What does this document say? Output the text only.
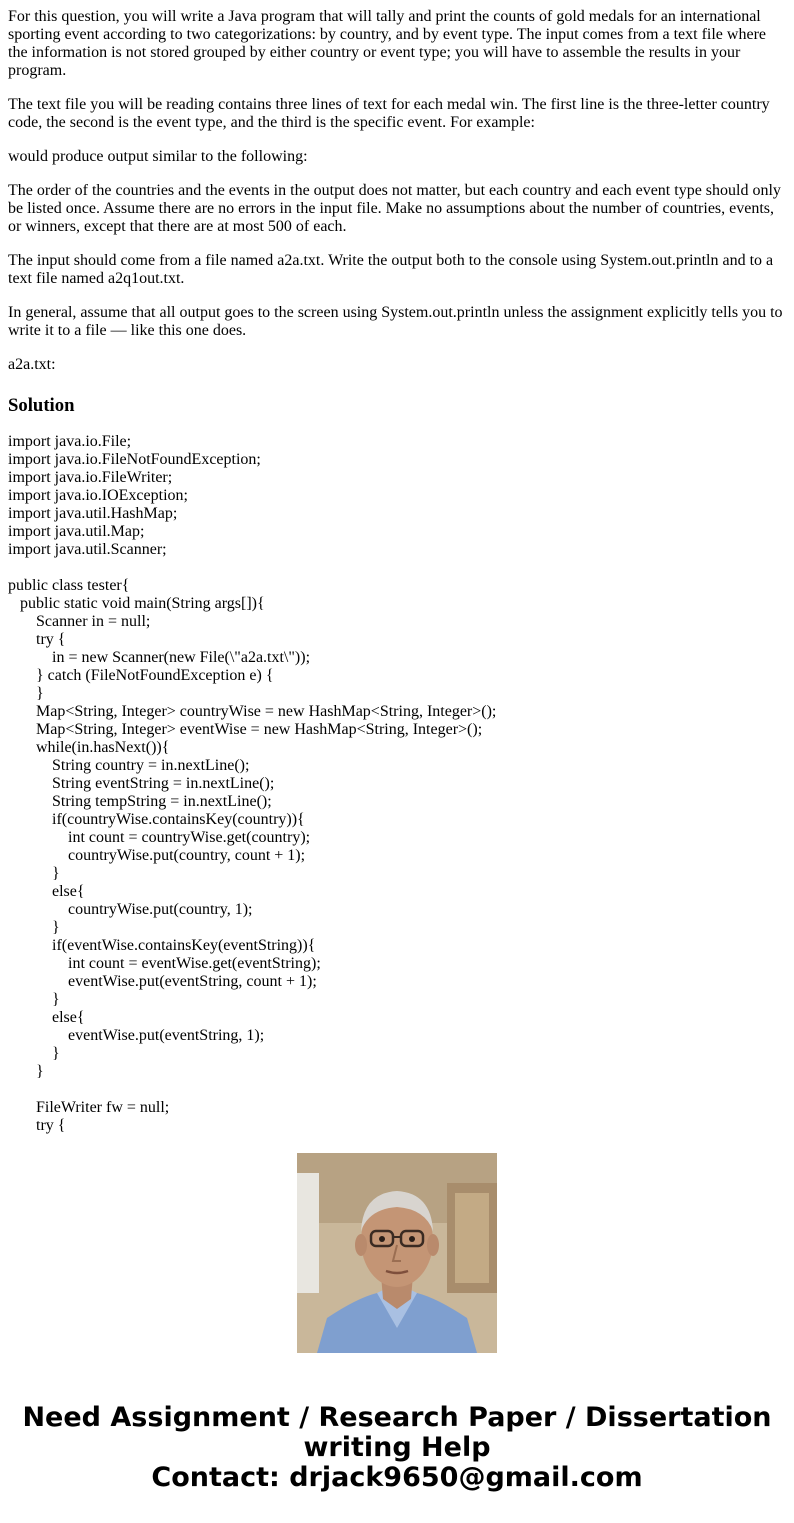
For this question, you will write a Java program that will tally and print the counts of gold medals for an international sporting event according to two categorizations: by country, and by event type. The input comes from a text file where the information is not stored grouped by either country or event type; you will have to assemble the results in your program.

The text file you will be reading contains three lines of text for each medal win. The first line is the three-letter country code, the second is the event type, and the third is the specific event. For example:

would produce output similar to the following:

The order of the countries and the events in the output does not matter, but each country and each event type should only be listed once. Assume there are no errors in the input file. Make no assumptions about the number of countries, events, or winners, except that there are at most 500 of each.

The input should come from a file named a2a.txt. Write the output both to the console using System.out.println and to a text file named a2q1out.txt.

In general, assume that all output goes to the screen using System.out.println unless the assignment explicitly tells you to write it to a file — like this one does.

a2a.txt:

Solution
import java.io.File;
import java.io.FileNotFoundException;
import java.io.FileWriter;
import java.io.IOException;
import java.util.HashMap;
import java.util.Map;
import java.util.Scanner;
public class tester{
public static void main(String args[]){
Scanner in = null;
try {
in = new Scanner(new File(\"a2a.txt\"));
} catch (FileNotFoundException e) {
}
Map<String, Integer> countryWise = new HashMap<String, Integer>();
Map<String, Integer> eventWise = new HashMap<String, Integer>();
while(in.hasNext()){
String country = in.nextLine();
String eventString = in.nextLine();
String tempString = in.nextLine();
if(countryWise.containsKey(country)){
int count = countryWise.get(country);
countryWise.put(country, count + 1);
}
else{
countryWise.put(country, 1);
}
if(eventWise.containsKey(eventString)){
int count = eventWise.get(eventString);
eventWise.put(eventString, count + 1);
}
else{
eventWise.put(eventString, 1);
}
}
FileWriter fw = null;
try {
Need Assignment / Research Paper / Dissertation
writing Help
Contact: drjack9650@gmail.com
